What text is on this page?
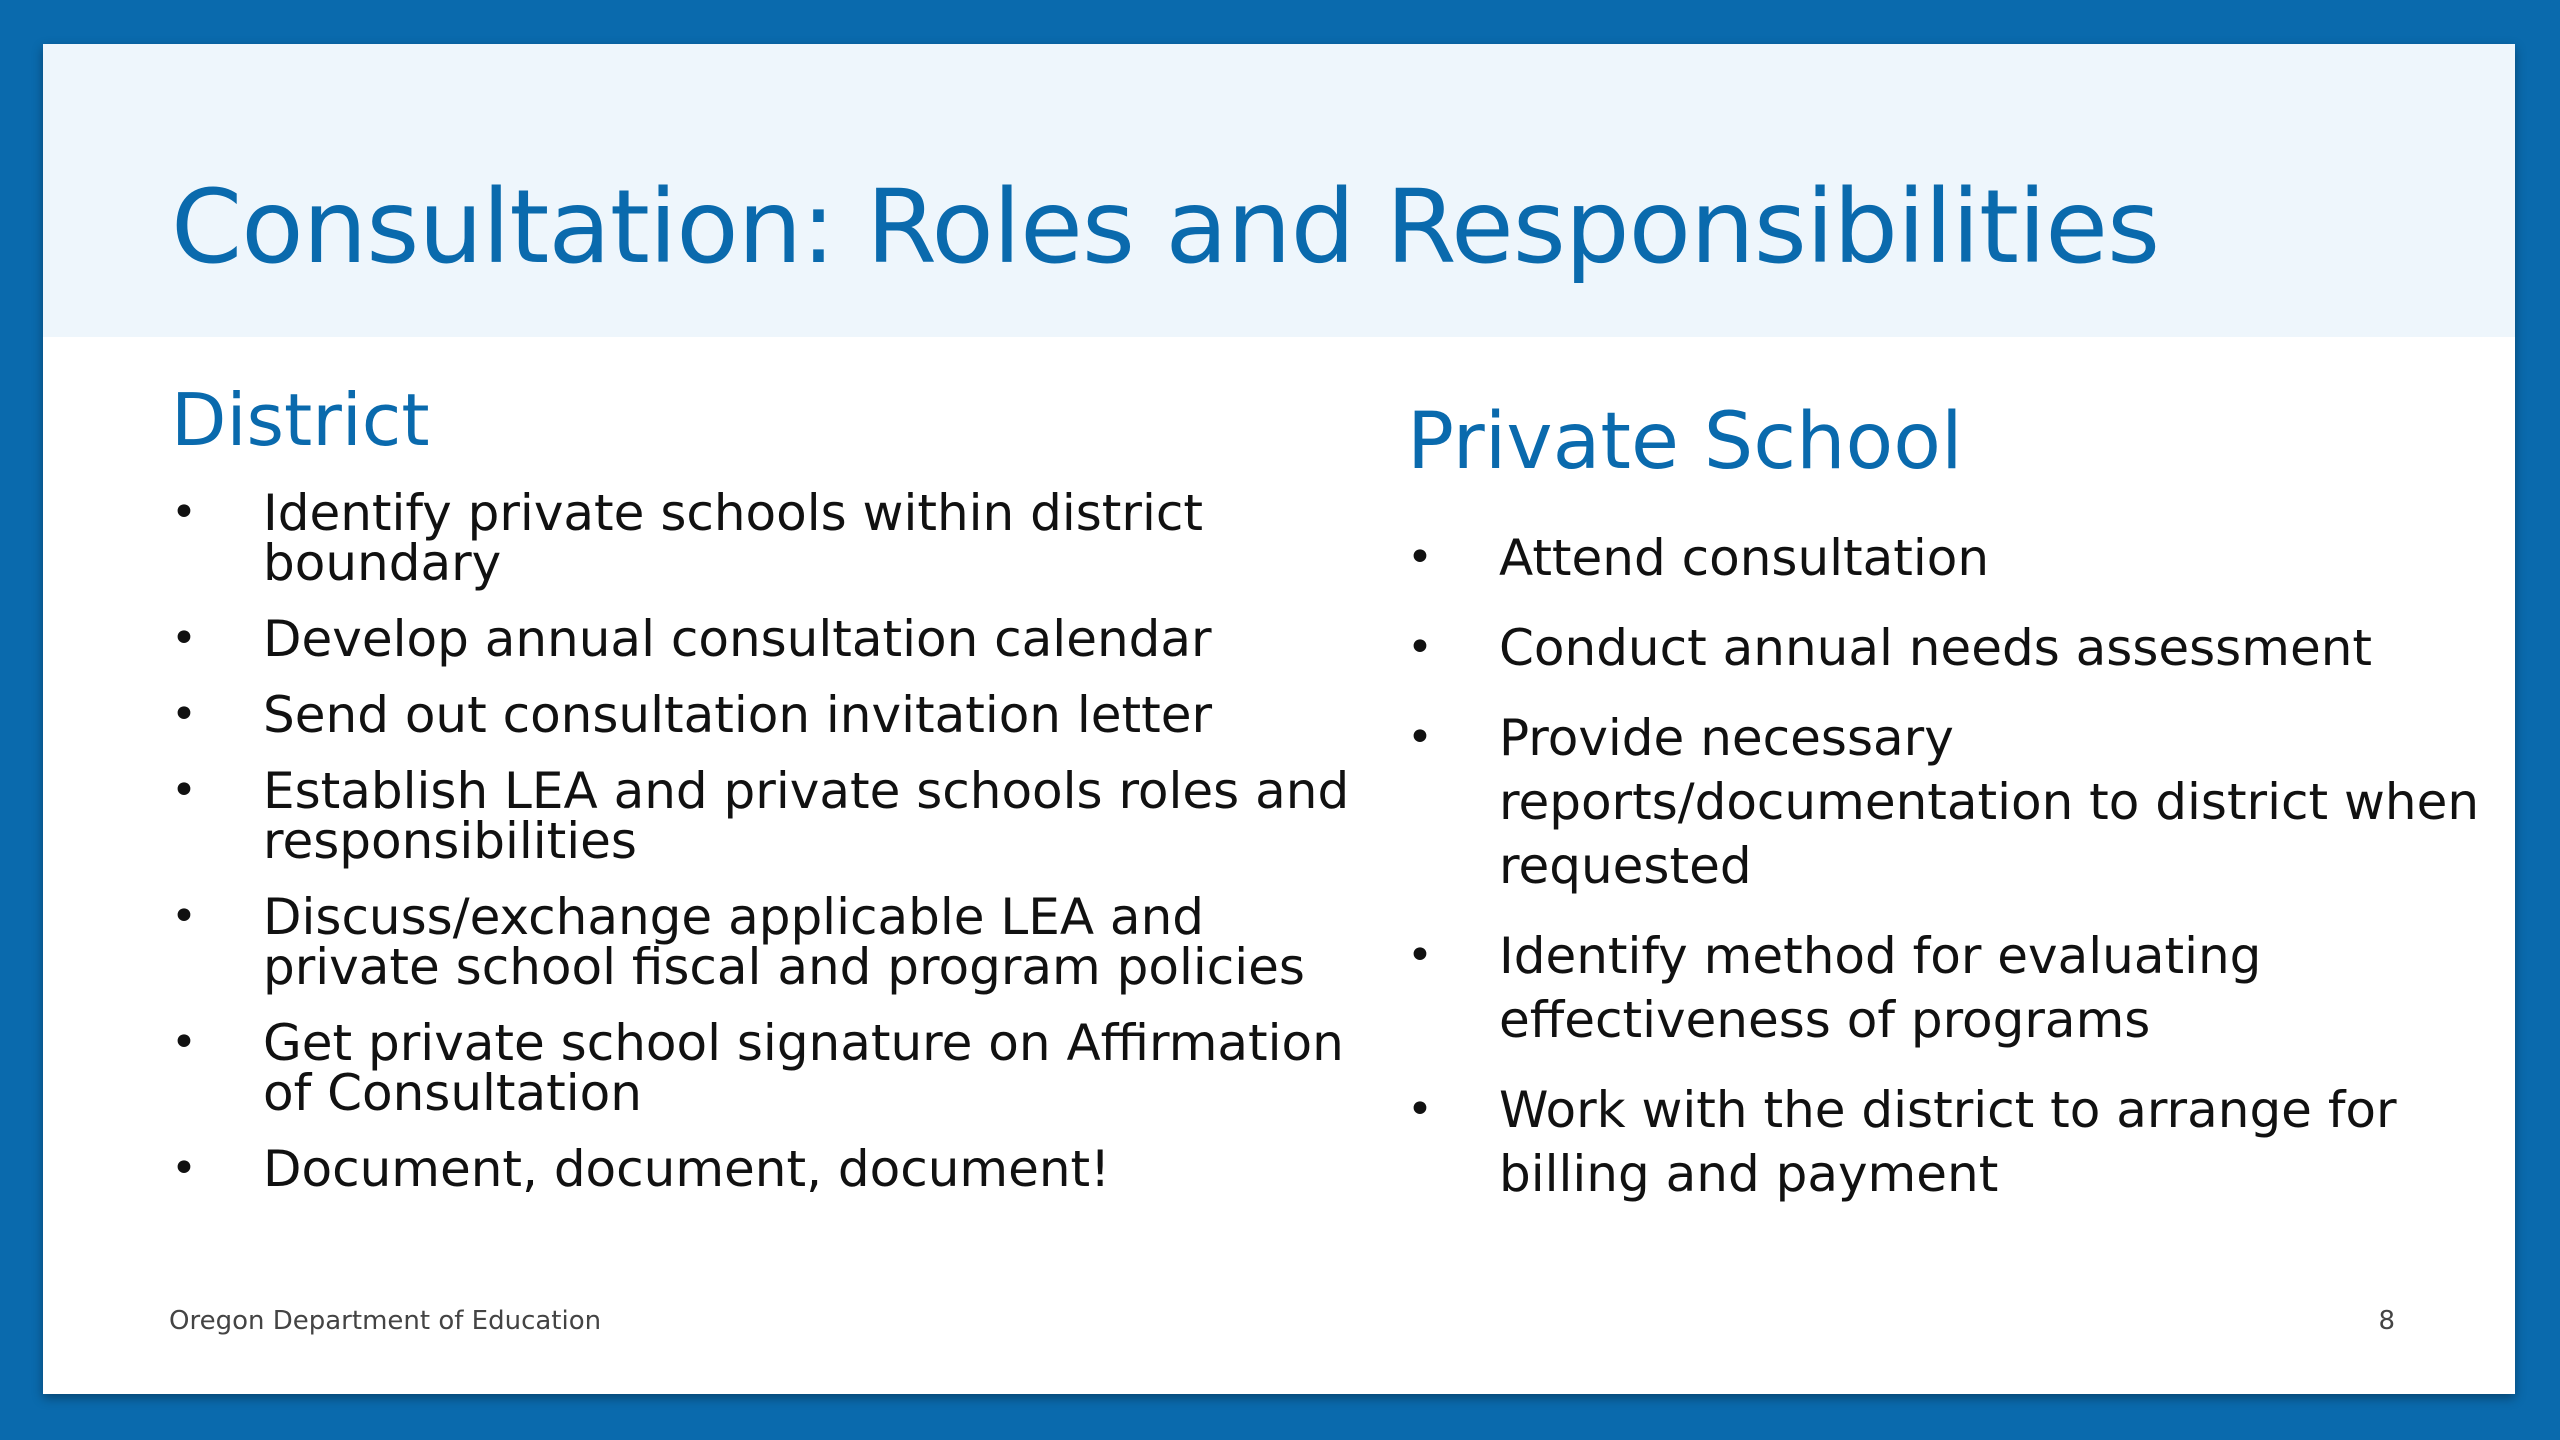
Consultation: Roles and Responsibilities
District
• Identify private schools within district boundary
• Develop annual consultation calendar
• Send out consultation invitation letter
• Establish LEA and private schools roles and responsibilities
• Discuss/exchange applicable LEA and private school fiscal and program policies
• Get private school signature on Affirmation of Consultation
• Document, document, document!
Private School
• Attend consultation
• Conduct annual needs assessment
• Provide necessary reports/documentation to district when requested
• Identify method for evaluating effectiveness of programs
• Work with the district to arrange for billing and payment
Oregon Department of Education	8
